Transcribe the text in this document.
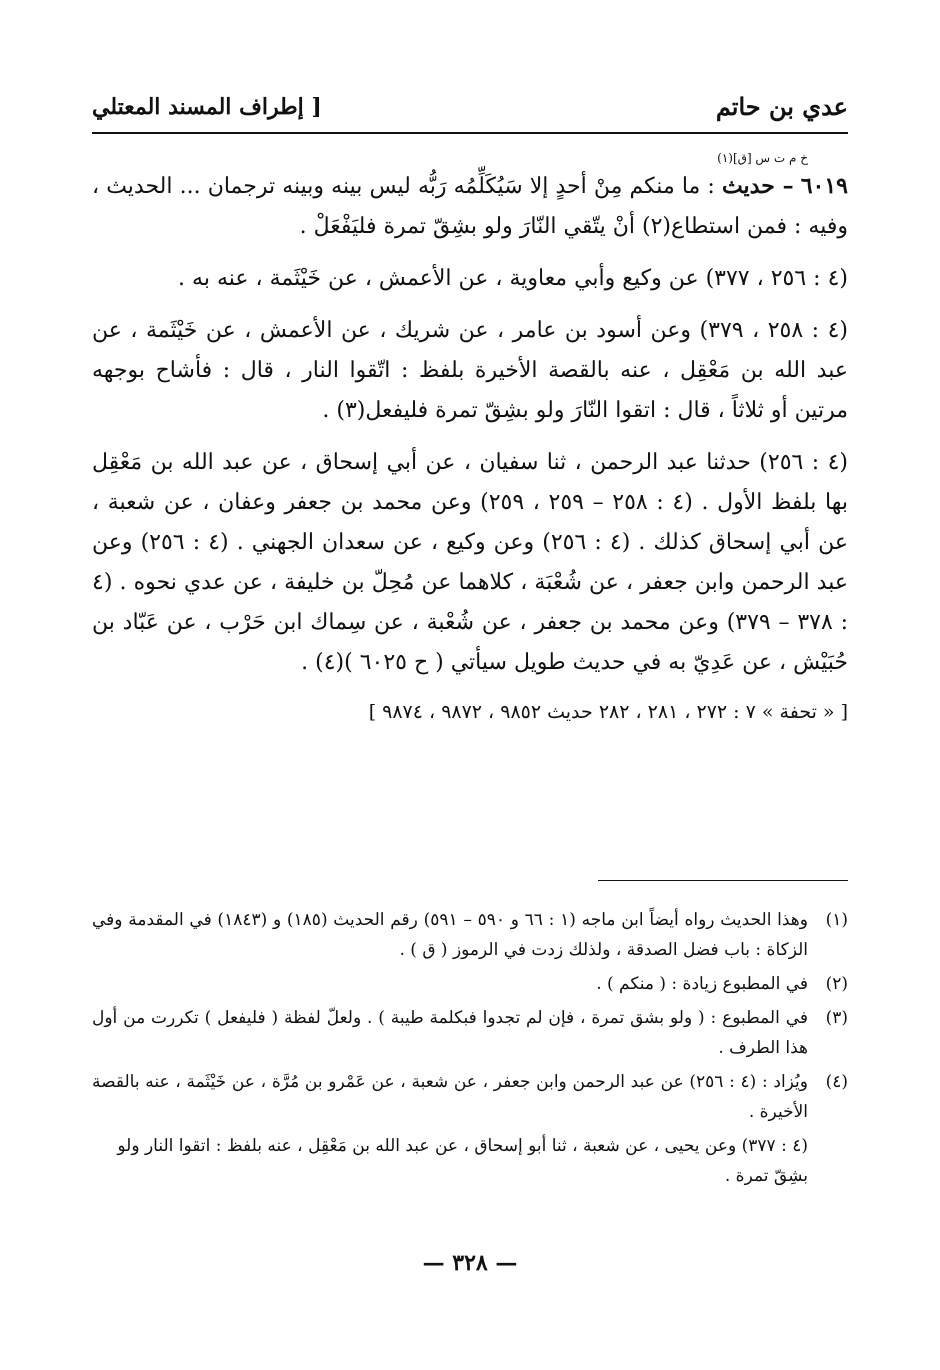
عدي بن حاتم
[ إطراف المسند المعتلي
خ م ت س [ق](١)
٦٠١٩ – حديث : ما منكم مِنْ أحدٍ إلا سَيُكَلِّمُه رَبُّه ليس بينه وبينه ترجمان ... الحديث ، وفيه : فمن استطاع(٢) أنْ يتّقي النّارَ ولو بشِقّ تمرة فليَفْعَلْ .

(٤ : ٢٥٦ ، ٣٧٧) عن وكيع وأبي معاوية ، عن الأعمش ، عن خَيْثَمة ، عنه به .

(٤ : ٢٥٨ ، ٣٧٩) وعن أسود بن عامر ، عن شريك ، عن الأعمش ، عن خَيْثَمة ، عن عبد الله بن مَعْقِل ، عنه بالقصة الأخيرة بلفظ : اتّقوا النار ، قال : فأشاح بوجهه مرتين أو ثلاثاً ، قال : اتقوا النّارَ ولو بشِقّ تمرة فليفعل(٣) .

(٤ : ٢٥٦) حدثنا عبد الرحمن ، ثنا سفيان ، عن أبي إسحاق ، عن عبد الله بن مَعْقِل بها بلفظ الأول . (٤ : ٢٥٨ – ٢٥٩ ، ٢٥٩) وعن محمد بن جعفر وعفان ، عن شعبة ، عن أبي إسحاق كذلك . (٤ : ٢٥٦) وعن وكيع ، عن سعدان الجهني . (٤ : ٢٥٦) وعن عبد الرحمن وابن جعفر ، عن شُعْبَة ، كلاهما عن مُحِلّ بن خليفة ، عن عدي نحوه . (٤ : ٣٧٨ – ٣٧٩) وعن محمد بن جعفر ، عن شُعْبة ، عن سِماك ابن حَرْب ، عن عَبّاد بن حُبَيْش ، عن عَدِيّ به في حديث طويل سيأتي ( ح ٦٠٢٥ )(٤) .

[ « تحفة » ٧ : ٢٧٢ ، ٢٨١ ، ٢٨٢ حديث ٩٨٥٢ ، ٩٨٧٢ ، ٩٨٧٤ ]
(١)
وهذا الحديث رواه أيضاً ابن ماجه (١ : ٦٦ و ٥٩٠ – ٥٩١) رقم الحديث (١٨٥) و (١٨٤٣) في المقدمة وفي الزكاة : باب فضل الصدقة ، ولذلك زدت في الرموز ( ق ) .
(٢)
في المطبوع زيادة : ( منكم ) .
(٣)
في المطبوع : ( ولو بشق تمرة ، فإن لم تجدوا فبكلمة طيبة ) . ولعلّ لفظة ( فليفعل ) تكررت من أول هذا الطرف .
(٤)
ويُزاد : (٤ : ٢٥٦) عن عبد الرحمن وابن جعفر ، عن شعبة ، عن عَمْرو بن مُرَّة ، عن خَيْثَمة ، عنه بالقصة الأخيرة .
(٤ : ٣٧٧) وعن يحيى ، عن شعبة ، ثنا أبو إسحاق ، عن عبد الله بن مَعْقِل ، عنه بلفظ : اتقوا النار ولو بشِقّ تمرة .
— ٣٢٨ —
